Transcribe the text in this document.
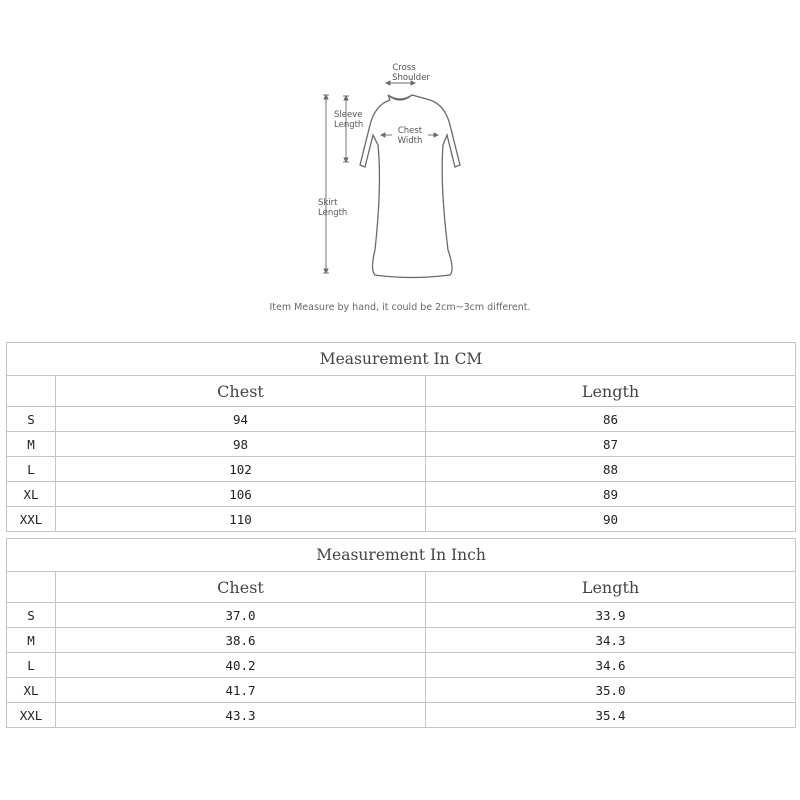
Cross
Shoulder
Sleeve
Length
Chest
Width
Skirt
Length
Item Measure by hand, it could be 2cm~3cm different.
Measurement In CM		
	Chest	Length
S	94	86
M	98	87
L	102	88
XL	106	89
XXL	110	90
Measurement In Inch		
	Chest	Length
S	37.0	33.9
M	38.6	34.3
L	40.2	34.6
XL	41.7	35.0
XXL	43.3	35.4
